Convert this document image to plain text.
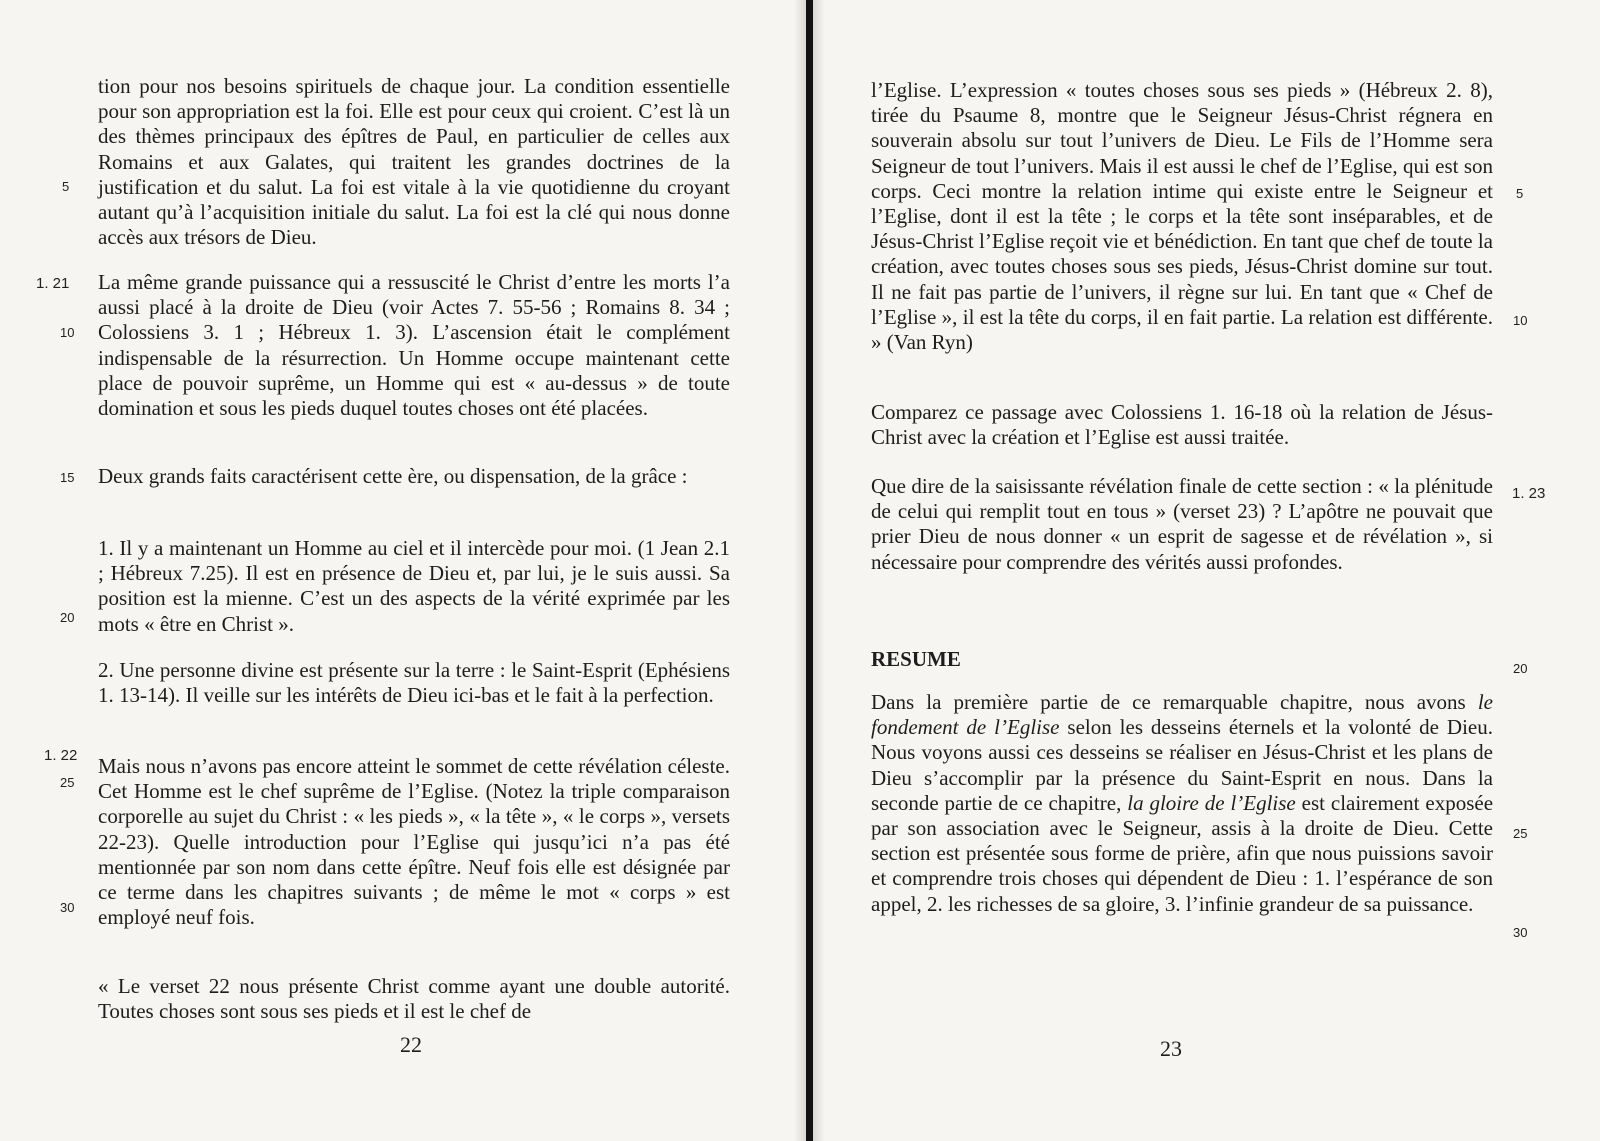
tion pour nos besoins spirituels de chaque jour. La condition essentielle pour son appropriation est la foi. Elle est pour ceux qui croient. C’est là un des thèmes principaux des épîtres de Paul, en particulier de celles aux Romains et aux Galates, qui traitent les grandes doctrines de la justification et du salut. La foi est vitale à la vie quotidienne du croyant autant qu’à l’acquisition initiale du salut. La foi est la clé qui nous donne accès aux trésors de Dieu.

La même grande puissance qui a ressuscité le Christ d’entre les morts l’a aussi placé à la droite de Dieu (voir Actes 7. 55-56 ; Romains 8. 34 ; Colossiens 3. 1 ; Hébreux 1. 3). L’ascension était le complément indispensable de la résurrection. Un Homme occupe maintenant cette place de pouvoir suprême, un Homme qui est « au-dessus » de toute domination et sous les pieds duquel toutes choses ont été placées.

Deux grands faits caractérisent cette ère, ou dispensation, de la grâce :

1. Il y a maintenant un Homme au ciel et il intercède pour moi. (1 Jean 2.1 ; Hébreux 7.25). Il est en présence de Dieu et, par lui, je le suis aussi. Sa position est la mienne. C’est un des aspects de la vérité exprimée par les mots « être en Christ ».

2. Une personne divine est présente sur la terre : le Saint-Esprit (Ephésiens 1. 13-14). Il veille sur les intérêts de Dieu ici-bas et le fait à la perfection.

Mais nous n’avons pas encore atteint le sommet de cette révélation céleste. Cet Homme est le chef suprême de l’Eglise. (Notez la triple comparaison corporelle au sujet du Christ : « les pieds », « la tête », « le corps », versets 22-23). Quelle introduction pour l’Eglise qui jusqu’ici n’a pas été mentionnée par son nom dans cette épître. Neuf fois elle est désignée par ce terme dans les chapitres suivants ; de même le mot « corps » est employé neuf fois.

« Le verset 22 nous présente Christ comme ayant une double autorité. Toutes choses sont sous ses pieds et il est le chef de

5
10
15
20
25
30
1. 21
1. 22
22

l’Eglise. L’expression « toutes choses sous ses pieds » (Hébreux 2. 8), tirée du Psaume 8, montre que le Seigneur Jésus-Christ régnera en souverain absolu sur tout l’univers de Dieu. Le Fils de l’Homme sera Seigneur de tout l’univers. Mais il est aussi le chef de l’Eglise, qui est son corps. Ceci montre la relation intime qui existe entre le Seigneur et l’Eglise, dont il est la tête ; le corps et la tête sont inséparables, et de Jésus-Christ l’Eglise reçoit vie et bénédiction. En tant que chef de toute la création, avec toutes choses sous ses pieds, Jésus-Christ domine sur tout. Il ne fait pas partie de l’univers, il règne sur lui. En tant que « Chef de l’Eglise », il est la tête du corps, il en fait partie. La relation est différente. » (Van Ryn)

Comparez ce passage avec Colossiens 1. 16-18 où la relation de Jésus-Christ avec la création et l’Eglise est aussi traitée.

Que dire de la saisissante révélation finale de cette section : « la plénitude de celui qui remplit tout en tous » (verset 23) ? L’apôtre ne pouvait que prier Dieu de nous donner « un esprit de sagesse et de révélation », si nécessaire pour comprendre des vérités aussi profondes.

RESUME

Dans la première partie de ce remarquable chapitre, nous avons le fondement de l’Eglise selon les desseins éternels et la volonté de Dieu. Nous voyons aussi ces desseins se réaliser en Jésus-Christ et les plans de Dieu s’accomplir par la présence du Saint-Esprit en nous. Dans la seconde partie de ce chapitre, la gloire de l’Eglise est clairement exposée par son association avec le Seigneur, assis à la droite de Dieu. Cette section est présentée sous forme de prière, afin que nous puissions savoir et comprendre trois choses qui dépendent de Dieu : 1. l’espérance de son appel, 2. les richesses de sa gloire, 3. l’infinie grandeur de sa puissance.

5
10
20
25
30
1. 23
23
